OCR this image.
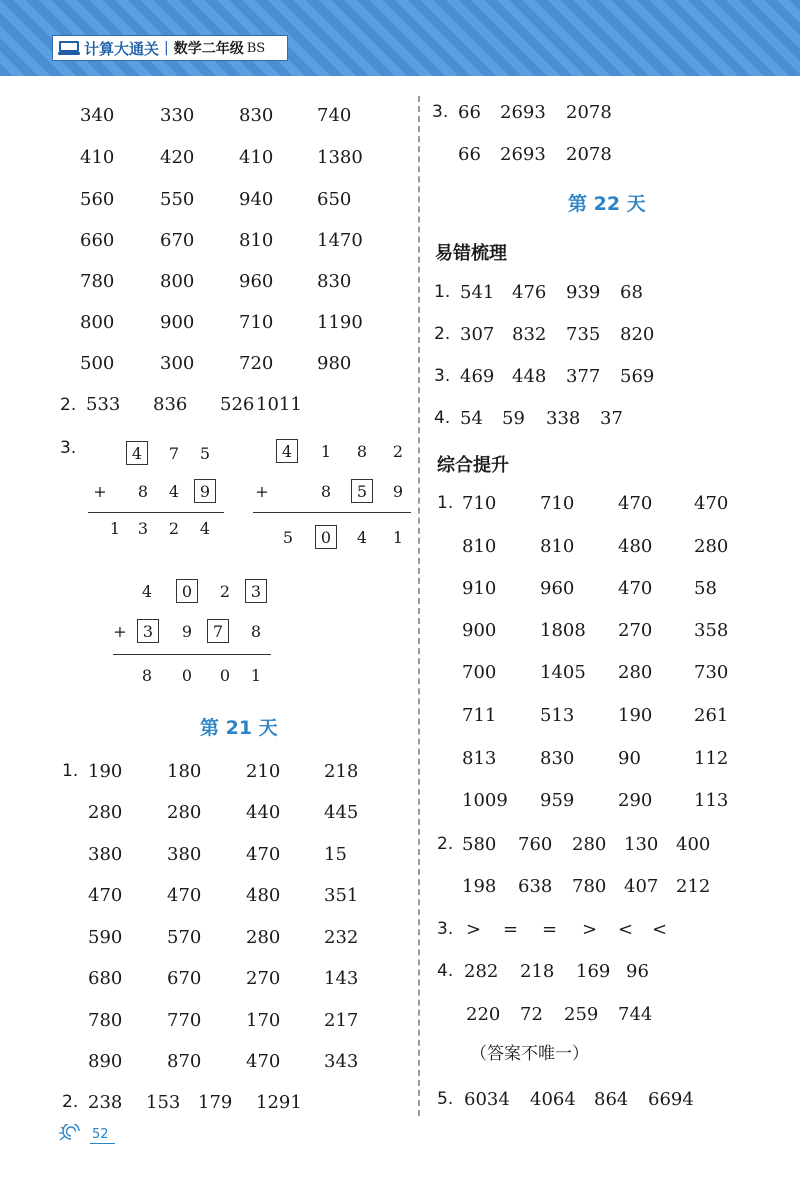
计算大通关 | 数学二年级 BS
3.	4	7	5
+	8	4	9
1	3	2	4
4	1	8	2
+	8	5	9
5	0	4	1
4	0	2	3
+	3	9	7	8
8	0	0	1
第 21 天
第 22 天
易错梳理
综合提升
（答案不唯一）
52
340	330 830 740
410	420 410 1380
560	550 940 650
660	670 810 1470
780	800 960 830
800	900 710 1190
500	300 720 980
2. 533 836 526 1011
1. 190 180 210 218
280 280 440 445
380 380 470 15
470 470 480 351
590 570 280 232
680 670 270 143
780 770 170 217
890 870 470 343
2. 238 153 179 1291
3. 66 2693 2078
66 2693 2078
1. 541 476 939 68
2. 307 832 735 820
3. 469 448 377 569
4. 54 59 338 37
1. 710 710 470 470
810 810 480 280
910 960 470 58
900 1808 270 358
700 1405 280 730
711 513 190 261
813 830 90	112
1009 959 290 113
2. 580 760 280 130 400
198 638 780 407 212
3. > = = > < <
4. 282 218 169 96
220 72 259 744
5. 6034 4064 864 6694
